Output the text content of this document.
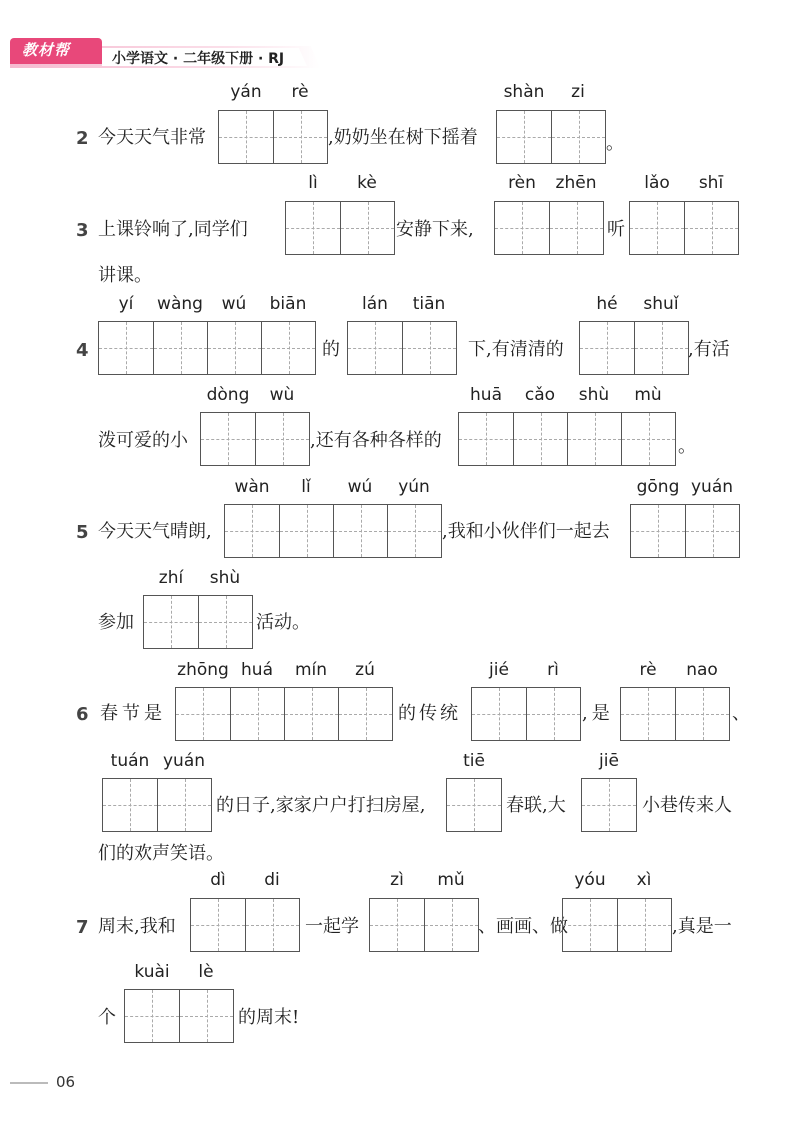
教材帮	小学语文 · 二年级下册 · RJ
2 今天天气非常
yán	rè
,奶奶坐在树下摇着
shàn	zi
。
3 上课铃响了,同学们
lì	kè
安静下来,
rèn	zhēn
听
lǎo	shī
讲课。
4
yí	wàng	wú	biān
的
lán	tiān
下,有清清的
hé	shuǐ
,有活
泼可爱的小
dòng	wù
,还有各种各样的
huā	cǎo	shù	mù
。
5 今天天气晴朗,
wàn	lǐ	wú	yún
,我和小伙伴们一起去
gōng yuán
参加
zhí	shù
活动。
6 春节是
zhōng huá	mín	zú
的传统
jié	rì
,是
rè	nao
、
tuán yuán
的日子,家家户户打扫房屋,
tiē
春联,大
jiē
小巷传来人
们的欢声笑语。
7 周末,我和
dì	di
一起学
zì	mǔ
、画画、做
yóu	xì
,真是一
个
kuài	lè
的周末!
06
